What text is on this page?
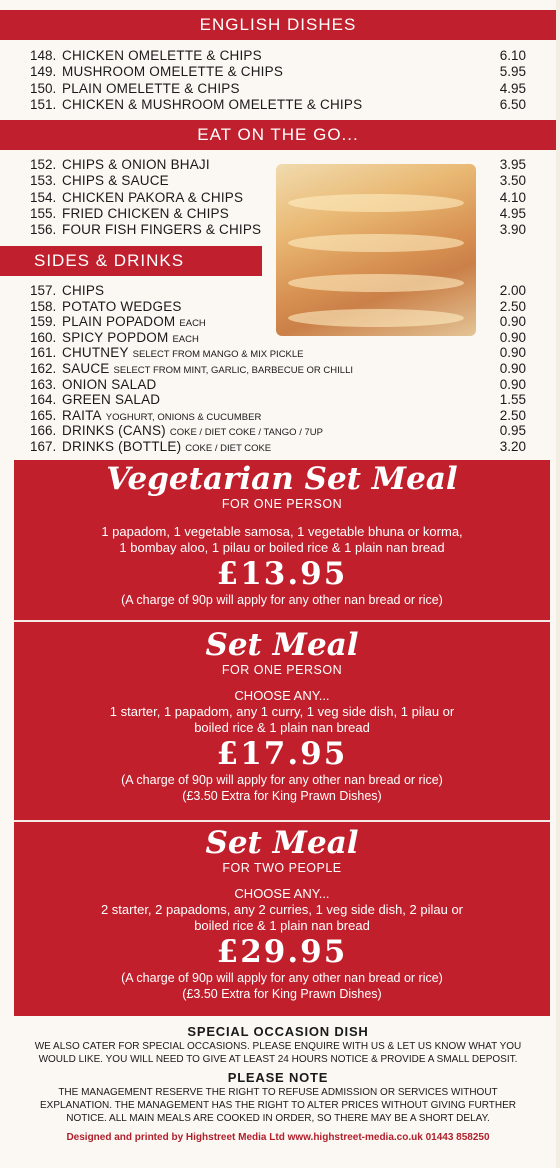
ENGLISH DISHES
148. CHICKEN OMELETTE & CHIPS	6.10
149. MUSHROOM OMELETTE & CHIPS	5.95
150. PLAIN OMELETTE & CHIPS	4.95
151. CHICKEN & MUSHROOM OMELETTE & CHIPS	6.50
EAT ON THE GO...
152. CHIPS & ONION BHAJI	3.95
153. CHIPS & SAUCE	3.50
154. CHICKEN PAKORA & CHIPS	4.10
155. FRIED CHICKEN & CHIPS	4.95
156. FOUR FISH FINGERS & CHIPS	3.90
SIDES & DRINKS
157. CHIPS	2.00
158. POTATO WEDGES	2.50
159. PLAIN POPADOM EACH	0.90
160. SPICY POPDOM EACH	0.90
161. CHUTNEY SELECT FROM MANGO & MIX PICKLE	0.90
162. SAUCE SELECT FROM MINT, GARLIC, BARBECUE OR CHILLI	0.90
163. ONION SALAD	0.90
164. GREEN SALAD	1.55
165. RAITA YOGHURT, ONIONS & CUCUMBER	2.50
166. DRINKS (CANS) COKE / DIET COKE / TANGO / 7UP	0.95
167. DRINKS (BOTTLE) COKE / DIET COKE	3.20
Vegetarian Set Meal
FOR ONE PERSON
1 papadom, 1 vegetable samosa, 1 vegetable bhuna or korma,
1 bombay aloo, 1 pilau or boiled rice & 1 plain nan bread
£13.95
(A charge of 90p will apply for any other nan bread or rice)
Set Meal
FOR ONE PERSON
CHOOSE ANY...
1 starter, 1 papadom, any 1 curry, 1 veg side dish, 1 pilau or
boiled rice & 1 plain nan bread
£17.95
(A charge of 90p will apply for any other nan bread or rice)
(£3.50 Extra for King Prawn Dishes)
Set Meal
FOR TWO PEOPLE
CHOOSE ANY...
2 starter, 2 papadoms, any 2 curries, 1 veg side dish, 2 pilau or
boiled rice & 1 plain nan bread
£29.95
(A charge of 90p will apply for any other nan bread or rice)
(£3.50 Extra for King Prawn Dishes)
SPECIAL OCCASION DISH
WE ALSO CATER FOR SPECIAL OCCASIONS. PLEASE ENQUIRE WITH US & LET US KNOW WHAT YOU
WOULD LIKE. YOU WILL NEED TO GIVE AT LEAST 24 HOURS NOTICE & PROVIDE A SMALL DEPOSIT.
PLEASE NOTE
THE MANAGEMENT RESERVE THE RIGHT TO REFUSE ADMISSION OR SERVICES WITHOUT
EXPLANATION. THE MANAGEMENT HAS THE RIGHT TO ALTER PRICES WITHOUT GIVING FURTHER
NOTICE. ALL MAIN MEALS ARE COOKED IN ORDER, SO THERE MAY BE A SHORT DELAY.
Designed and printed by Highstreet Media Ltd www.highstreet-media.co.uk 01443 858250
